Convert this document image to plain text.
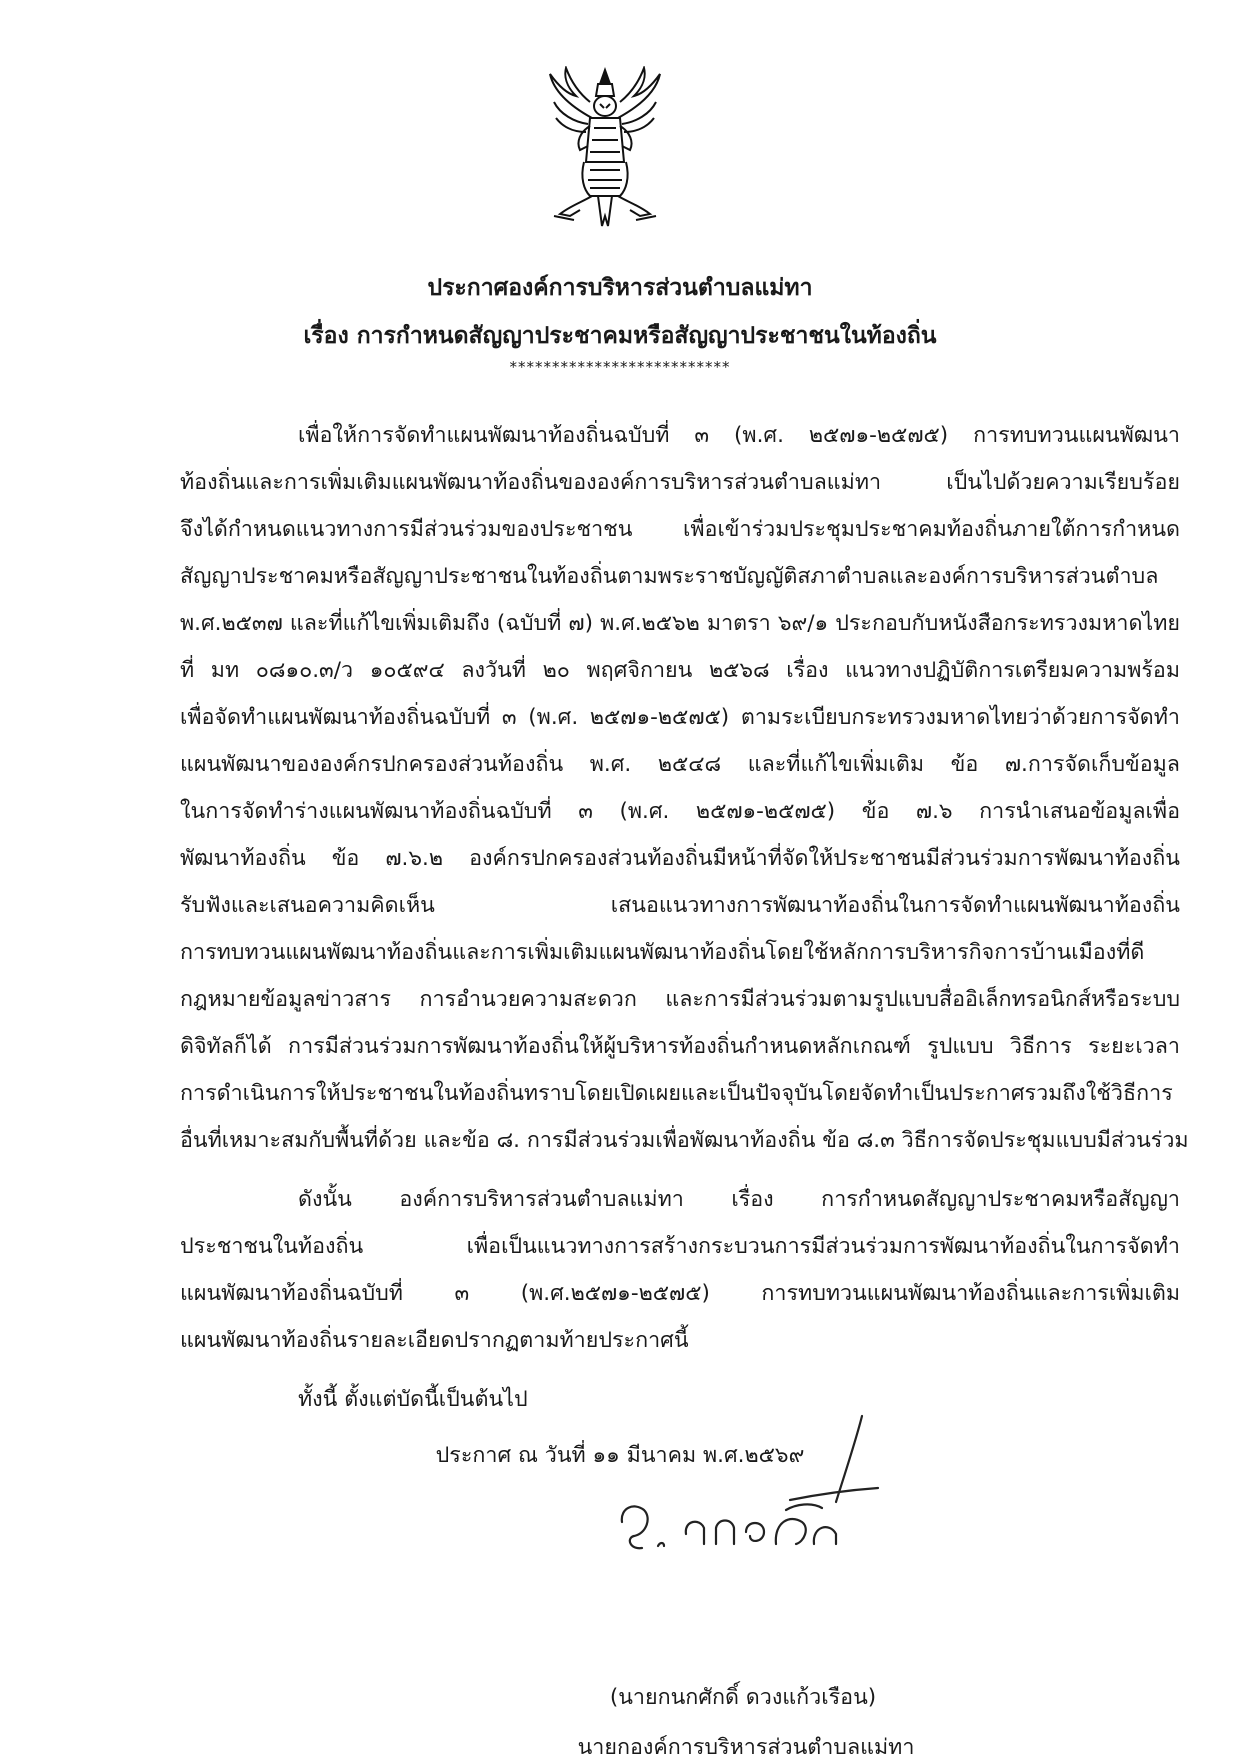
ประกาศองค์การบริหารส่วนตำบลแม่ทา
เรื่อง การกำหนดสัญญาประชาคมหรือสัญญาประชาชนในท้องถิ่น
**************************
เพื่อให้การจัดทำแผนพัฒนาท้องถิ่นฉบับที่ ๓ (พ.ศ. ๒๕๗๑-๒๕๗๕) การทบทวนแผนพัฒนา
ท้องถิ่นและการเพิ่มเติมแผนพัฒนาท้องถิ่นขององค์การบริหารส่วนตำบลแม่ทา เป็นไปด้วยความเรียบร้อย
จึงได้กำหนดแนวทางการมีส่วนร่วมของประชาชน เพื่อเข้าร่วมประชุมประชาคมท้องถิ่นภายใต้การกำหนด
สัญญาประชาคมหรือสัญญาประชาชนในท้องถิ่นตามพระราชบัญญัติสภาตำบลและองค์การบริหารส่วนตำบล
พ.ศ.๒๕๓๗ และที่แก้ไขเพิ่มเติมถึง (ฉบับที่ ๗) พ.ศ.๒๕๖๒ มาตรา ๖๙/๑ ประกอบกับหนังสือกระทรวงมหาดไทย
ที่ มท ๐๘๑๐.๓/ว ๑๐๕๙๔ ลงวันที่ ๒๐ พฤศจิกายน ๒๕๖๘ เรื่อง แนวทางปฏิบัติการเตรียมความพร้อม
เพื่อจัดทำแผนพัฒนาท้องถิ่นฉบับที่ ๓ (พ.ศ. ๒๕๗๑-๒๕๗๕) ตามระเบียบกระทรวงมหาดไทยว่าด้วยการจัดทำ
แผนพัฒนาขององค์กรปกครองส่วนท้องถิ่น พ.ศ. ๒๕๔๘ และที่แก้ไขเพิ่มเติม ข้อ ๗.การจัดเก็บข้อมูล
ในการจัดทำร่างแผนพัฒนาท้องถิ่นฉบับที่ ๓ (พ.ศ. ๒๕๗๑-๒๕๗๕) ข้อ ๗.๖ การนำเสนอข้อมูลเพื่อ
พัฒนาท้องถิ่น ข้อ ๗.๖.๒ องค์กรปกครองส่วนท้องถิ่นมีหน้าที่จัดให้ประชาชนมีส่วนร่วมการพัฒนาท้องถิ่น
รับฟังและเสนอความคิดเห็น เสนอแนวทางการพัฒนาท้องถิ่นในการจัดทำแผนพัฒนาท้องถิ่น
การทบทวนแผนพัฒนาท้องถิ่นและการเพิ่มเติมแผนพัฒนาท้องถิ่นโดยใช้หลักการบริหารกิจการบ้านเมืองที่ดี
กฎหมายข้อมูลข่าวสาร การอำนวยความสะดวก และการมีส่วนร่วมตามรูปแบบสื่ออิเล็กทรอนิกส์หรือระบบ
ดิจิทัลก็ได้ การมีส่วนร่วมการพัฒนาท้องถิ่นให้ผู้บริหารท้องถิ่นกำหนดหลักเกณฑ์ รูปแบบ วิธีการ ระยะเวลา
การดำเนินการให้ประชาชนในท้องถิ่นทราบโดยเปิดเผยและเป็นปัจจุบันโดยจัดทำเป็นประกาศรวมถึงใช้วิธีการ
อื่นที่เหมาะสมกับพื้นที่ด้วย และข้อ ๘. การมีส่วนร่วมเพื่อพัฒนาท้องถิ่น ข้อ ๘.๓ วิธีการจัดประชุมแบบมีส่วนร่วม
ดังนั้น องค์การบริหารส่วนตำบลแม่ทา เรื่อง การกำหนดสัญญาประชาคมหรือสัญญา
ประชาชนในท้องถิ่น เพื่อเป็นแนวทางการสร้างกระบวนการมีส่วนร่วมการพัฒนาท้องถิ่นในการจัดทำ
แผนพัฒนาท้องถิ่นฉบับที่ ๓ (พ.ศ.๒๕๗๑-๒๕๗๕) การทบทวนแผนพัฒนาท้องถิ่นและการเพิ่มเติม
แผนพัฒนาท้องถิ่นรายละเอียดปรากฏตามท้ายประกาศนี้
ทั้งนี้ ตั้งแต่บัดนี้เป็นต้นไป
ประกาศ ณ วันที่ ๑๑ มีนาคม พ.ศ.๒๕๖๙
(นายกนกศักดิ์ ดวงแก้วเรือน)
นายกองค์การบริหารส่วนตำบลแม่ทา
